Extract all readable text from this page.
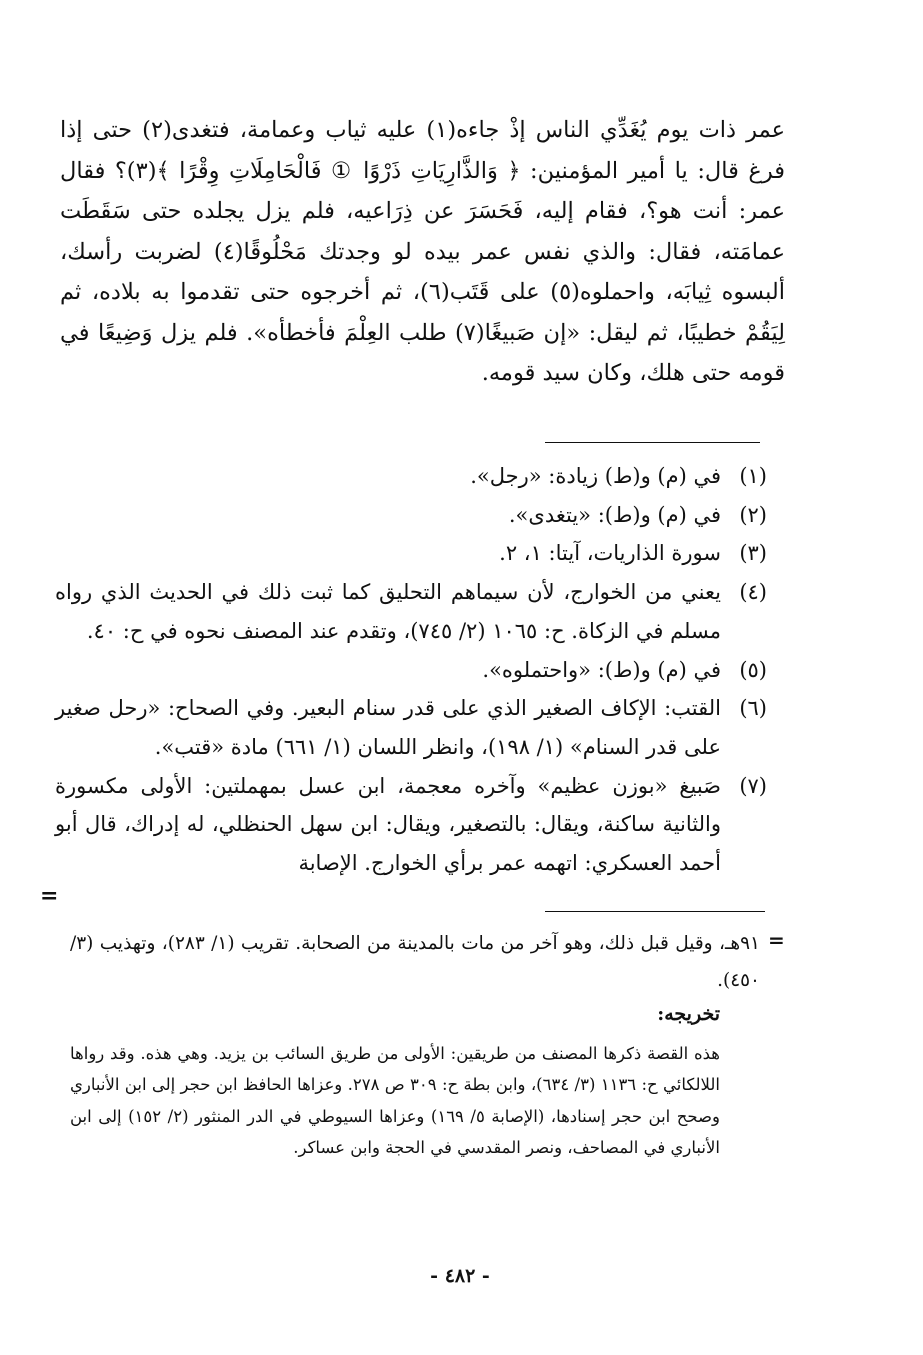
عمر ذات يوم يُغَدِّي الناس إذْ جاءه(١) عليه ثياب وعمامة، فتغدى(٢) حتى إذا فرغ قال: يا أمير المؤمنين: ﴿ وَالذَّارِيَاتِ ذَرْوًا ① فَالْحَامِلَاتِ وِقْرًا ﴾(٣)؟ فقال عمر: أنت هو؟، فقام إليه، فَحَسَرَ عن ذِرَاعيه، فلم يزل يجلده حتى سَقَطَت عمامَته، فقال: والذي نفس عمر بيده لو وجدتك مَحْلُوقًا(٤) لضربت رأسك، ألبسوه ثِيابَه، واحملوه(٥) على قَتَب(٦)، ثم أخرجوه حتى تقدموا به بلاده، ثم لِيَقُمْ خطيبًا، ثم ليقل: «إن صَبيغًا(٧) طلب العِلْمَ فأخطأه». فلم يزل وَضِيعًا في قومه حتى هلك، وكان سيد قومه.

(١)
في (م) و(ط) زيادة: «رجل».
(٢)
في (م) و(ط): «يتغدى».
(٣)
سورة الذاريات، آيتا: ١، ٢.
(٤)
يعني من الخوارج، لأن سيماهم التحليق كما ثبت ذلك في الحديث الذي رواه مسلم في الزكاة. ح: ١٠٦٥ (٢/ ٧٤٥)، وتقدم عند المصنف نحوه في ح: ٤٠.
(٥)
في (م) و(ط): «واحتملوه».
(٦)
القتب: الإكاف الصغير الذي على قدر سنام البعير. وفي الصحاح: «رحل صغير على قدر السنام» (١/ ١٩٨)، وانظر اللسان (١/ ٦٦١) مادة «قتب».
(٧)
صَبيغ «بوزن عظيم» وآخره معجمة، ابن عسل بمهملتين: الأولى مكسورة والثانية ساكنة، ويقال: بالتصغير، ويقال: ابن سهل الحنظلي، له إدراك، قال أبو أحمد العسكري: اتهمه عمر برأي الخوارج. الإصابة
=
=
٩١هـ، وقيل قبل ذلك، وهو آخر من مات بالمدينة من الصحابة. تقريب (١/ ٢٨٣)، وتهذيب (٣/ ٤٥٠).
تخريجه:
هذه القصة ذكرها المصنف من طريقين: الأولى من طريق السائب بن يزيد. وهي هذه. وقد رواها اللالكائي ح: ١١٣٦ (٣/ ٦٣٤)، وابن بطة ح: ٣٠٩ ص ٢٧٨. وعزاها الحافظ ابن حجر إلى ابن الأنباري وصحح ابن حجر إسنادها، (الإصابة ٥/ ١٦٩) وعزاها السيوطي في الدر المنثور (٢/ ١٥٢) إلى ابن الأنباري في المصاحف، ونصر المقدسي في الحجة وابن عساكر.
- ٤٨٢ -
